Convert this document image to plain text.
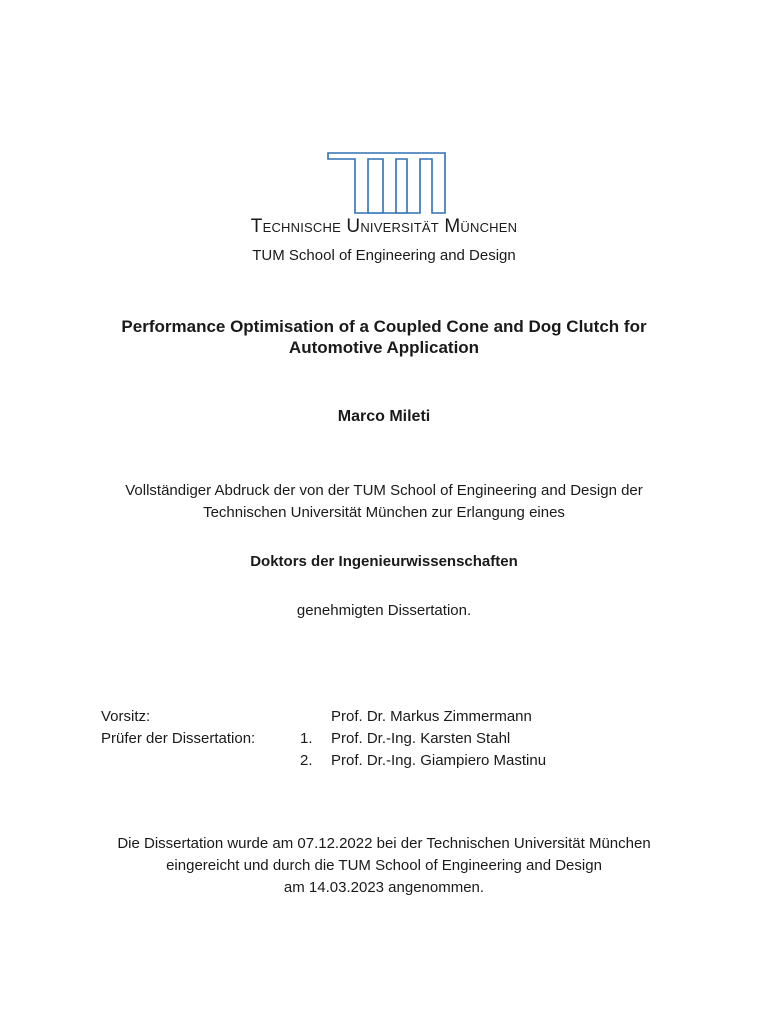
Technische Universität München
TUM School of Engineering and Design
Performance Optimisation of a Coupled Cone and Dog Clutch for
Automotive Application
Marco Mileti
Vollständiger Abdruck der von der TUM School of Engineering and Design der
Technischen Universität München zur Erlangung eines
Doktors der Ingenieurwissenschaften
genehmigten Dissertation.
Vorsitz:	Prof. Dr. Markus Zimmermann
Prüfer der Dissertation:	1. Prof. Dr.-Ing. Karsten Stahl
2. Prof. Dr.-Ing. Giampiero Mastinu
Die Dissertation wurde am 07.12.2022 bei der Technischen Universität München
eingereicht und durch die TUM School of Engineering and Design
am 14.03.2023 angenommen.
